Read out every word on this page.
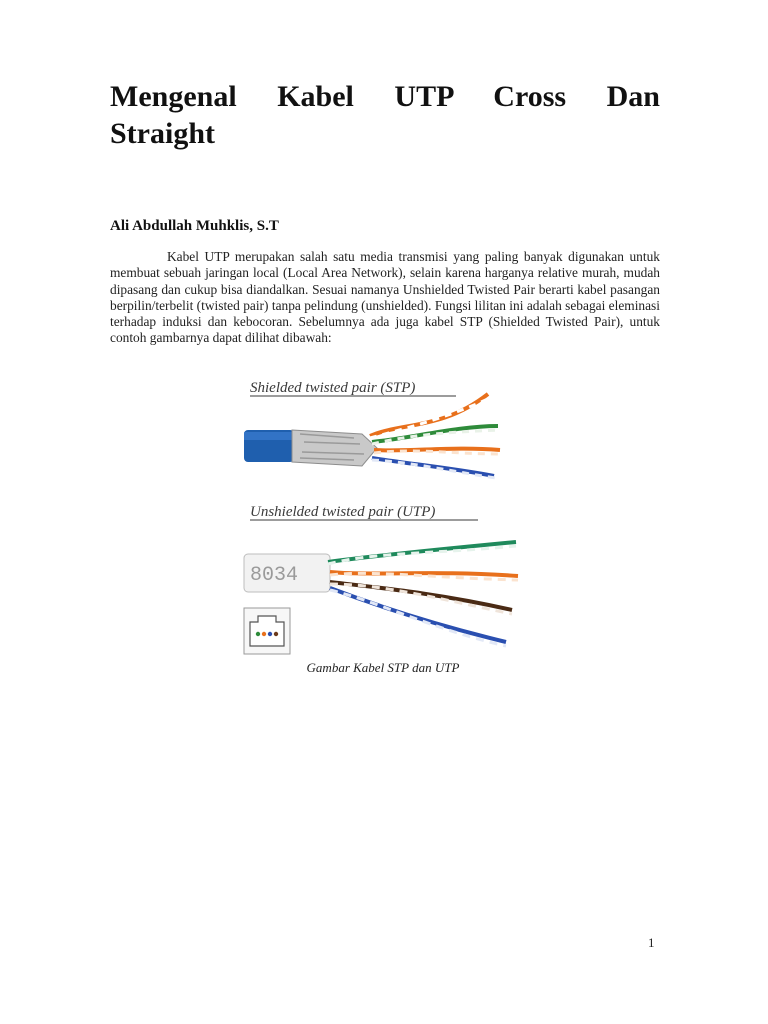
Mengenal Kabel UTP Cross Dan
Straight

Ali Abdullah Muhklis, S.T

Kabel UTP merupakan salah satu media transmisi yang paling banyak digunakan untuk membuat sebuah jaringan local (Local Area Network), selain karena harganya relative murah, mudah dipasang dan cukup bisa diandalkan. Sesuai namanya Unshielded Twisted Pair berarti kabel pasangan berpilin/terbelit (twisted pair) tanpa pelindung (unshielded). Fungsi lilitan ini adalah sebagai eleminasi terhadap induksi dan kebocoran. Sebelumnya ada juga kabel STP (Shielded Twisted Pair), untuk contoh gambarnya dapat dilihat dibawah:

Shielded twisted pair (STP)
Unshielded twisted pair (UTP)
8034
Gambar Kabel STP dan UTP
1
